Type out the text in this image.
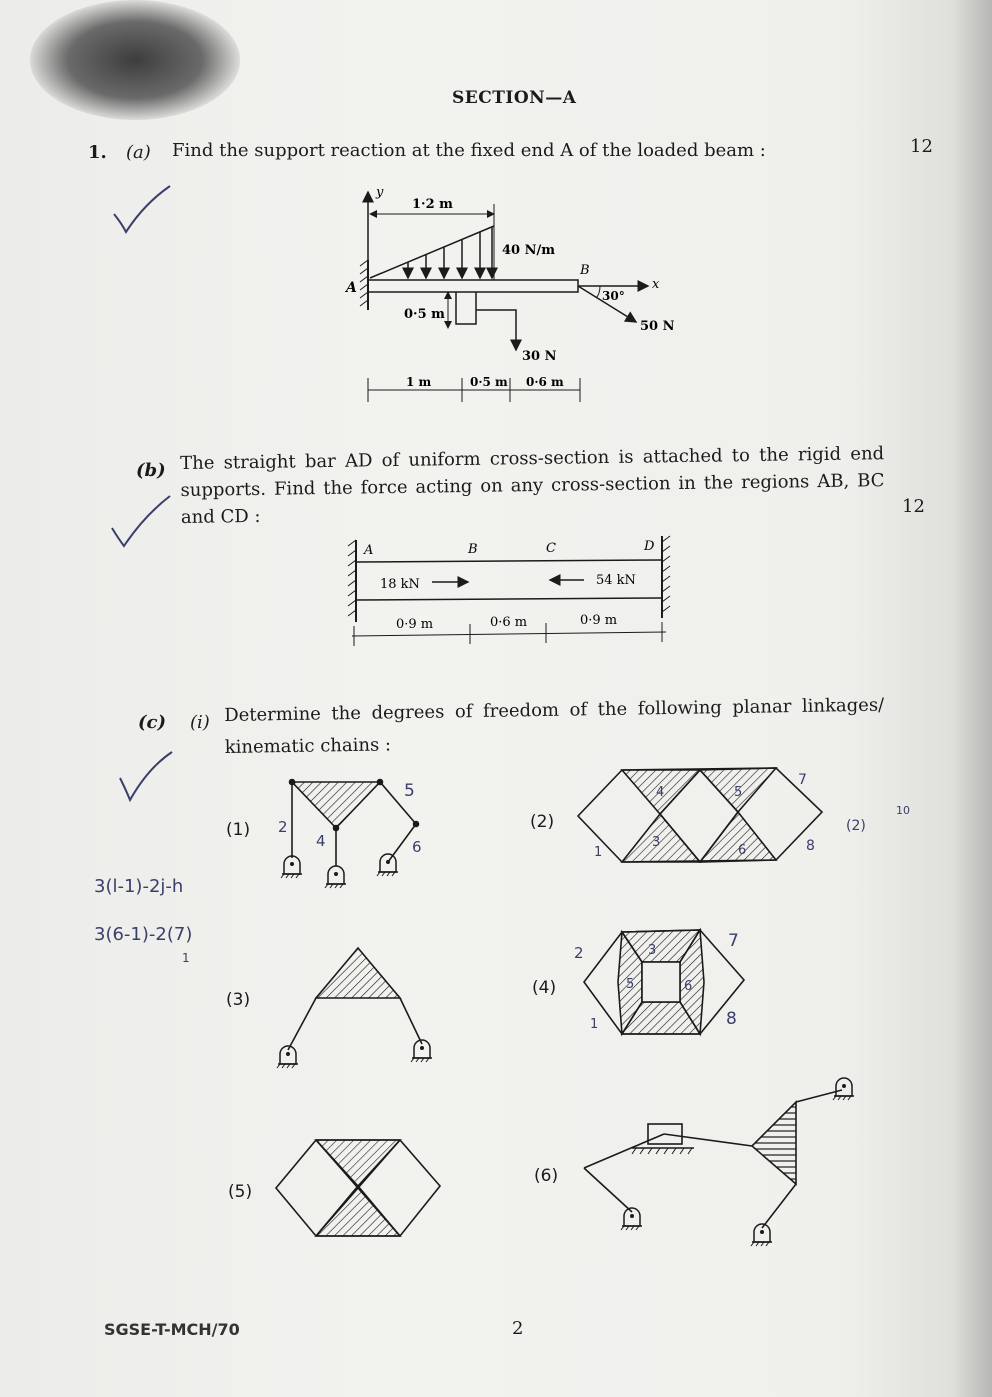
SECTION—A
1. (a) Find the support reaction at the fixed end A of the loaded beam :	12
y
1·2 m
40 N/m
A
B
x
30°
50 N
0·5 m
30 N
1 m	0·5 m 0·6 m
(b) The straight bar AD of uniform cross-section is attached to the rigid end supports. Find the force acting on any cross-section in the regions AB, BC and CD :	12
A	B	C	D
18 kN	54 kN
0·9 m	0·6 m	0·9 m
(c) (i) Determine the degrees of freedom of the following planar linkages/ kinematic chains :
3(l-1)-2j-h
3(6-1)-2(7)
1
(1)	(2)
(3)
(4)
(5)
(6)
2
4
5
6	1
4
3
5
6
7
8
(2)
10
2	3
5	6
7
8
1
SGSE-T-MCH/70	2
